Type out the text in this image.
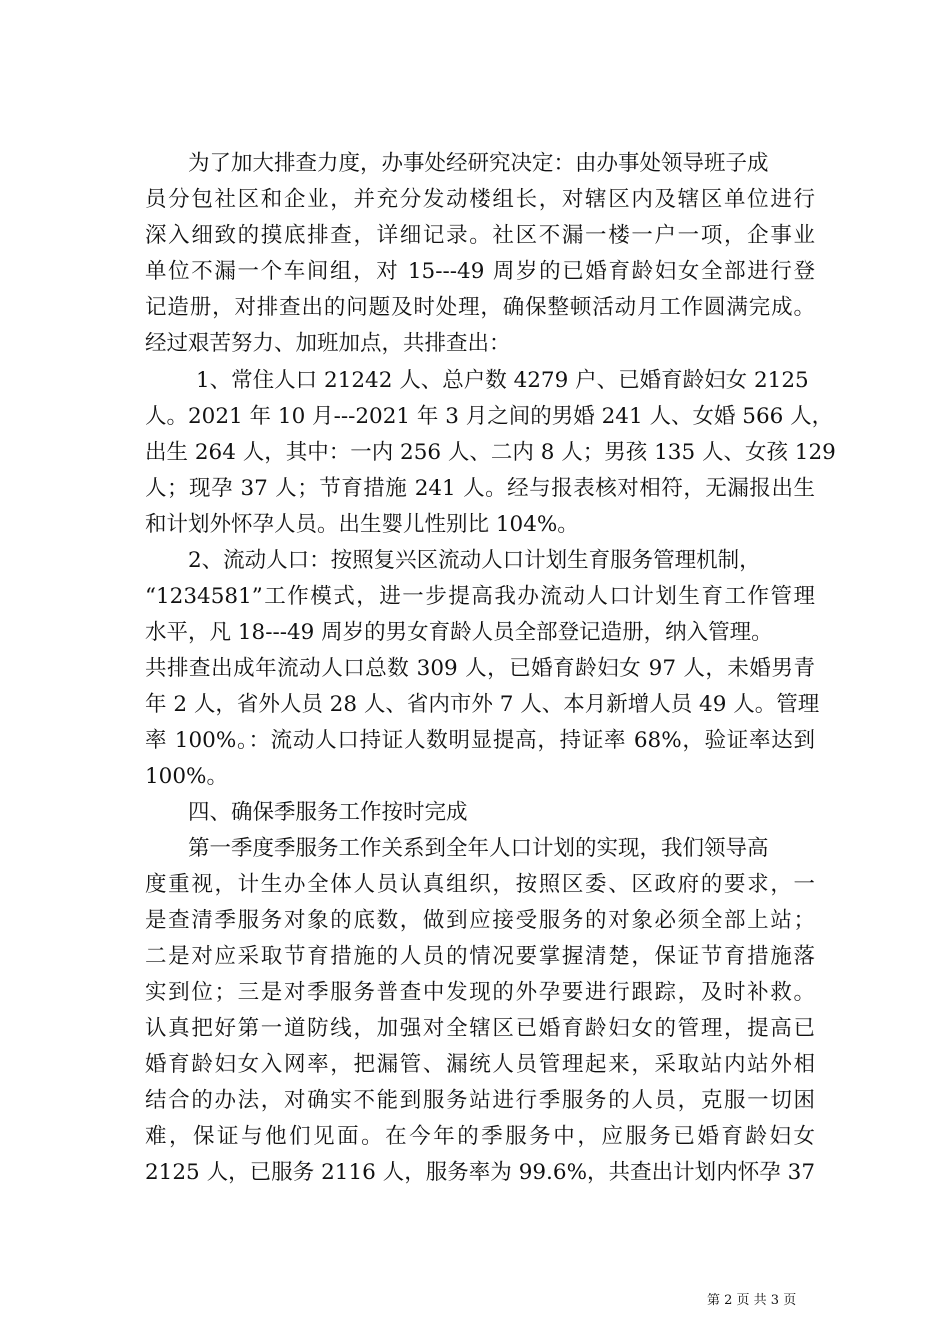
为了加大排查力度，办事处经研究决定：由办事处领导班子成
员分包社区和企业，并充分发动楼组长，对辖区内及辖区单位进行
深入细致的摸底排查，详细记录。社区不漏一楼一户一项，企事业
单位不漏一个车间组，对 15---49 周岁的已婚育龄妇女全部进行登
记造册，对排查出的问题及时处理，确保整顿活动月工作圆满完成。
经过艰苦努力、加班加点，共排查出：
1、常住人口 21242 人、总户数 4279 户、已婚育龄妇女 2125
人。2021 年 10 月---2021 年 3 月之间的男婚 241 人、女婚 566 人，
出生 264 人，其中：一内 256 人、二内 8 人；男孩 135 人、女孩 129
人；现孕 37 人；节育措施 241 人。经与报表核对相符，无漏报出生
和计划外怀孕人员。出生婴儿性别比 104%。
2、流动人口：按照复兴区流动人口计划生育服务管理机制，
“1234581”工作模式，进一步提高我办流动人口计划生育工作管理
水平，凡 18---49 周岁的男女育龄人员全部登记造册，纳入管理。
共排查出成年流动人口总数 309 人，已婚育龄妇女 97 人，未婚男青
年 2 人，省外人员 28 人、省内市外 7 人、本月新增人员 49 人。管理
率 100%。：流动人口持证人数明显提高，持证率 68%，验证率达到
100%。
四、确保季服务工作按时完成
第一季度季服务工作关系到全年人口计划的实现，我们领导高
度重视，计生办全体人员认真组织，按照区委、区政府的要求，一
是查清季服务对象的底数，做到应接受服务的对象必须全部上站；
二是对应采取节育措施的人员的情况要掌握清楚，保证节育措施落
实到位；三是对季服务普查中发现的外孕要进行跟踪，及时补救。
认真把好第一道防线，加强对全辖区已婚育龄妇女的管理，提高已
婚育龄妇女入网率，把漏管、漏统人员管理起来，采取站内站外相
结合的办法，对确实不能到服务站进行季服务的人员，克服一切困
难，保证与他们见面。在今年的季服务中，应服务已婚育龄妇女
2125 人，已服务 2116 人，服务率为 99.6%，共查出计划内怀孕 37
第 2 页 共 3 页
